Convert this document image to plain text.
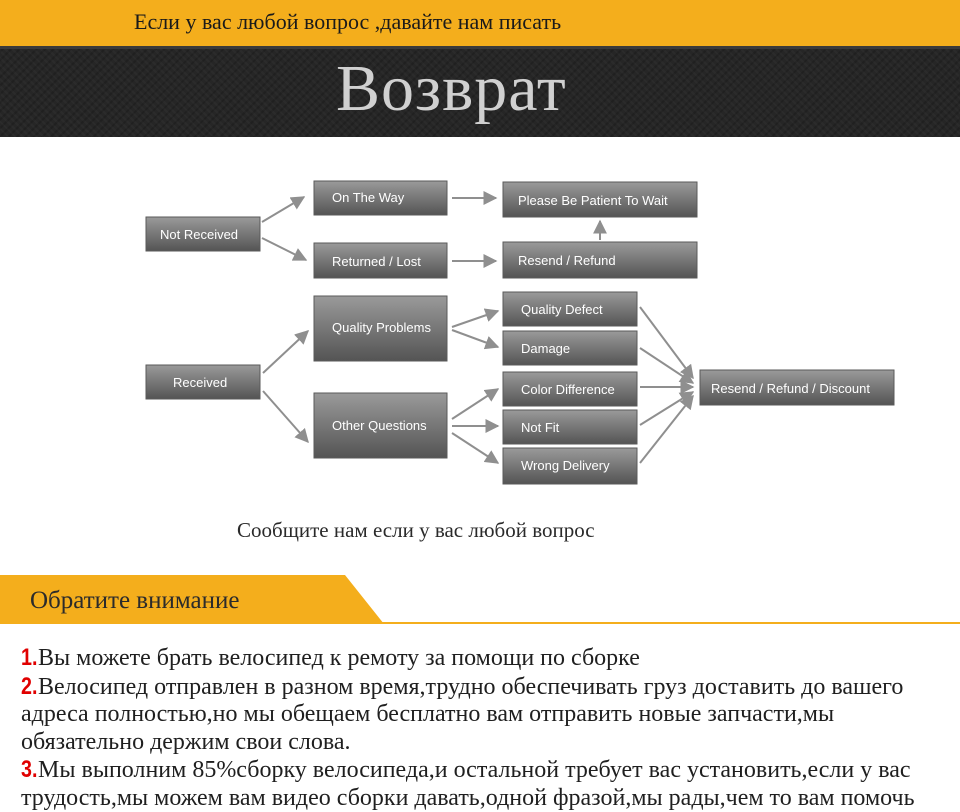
Если у вас любой вопрос ,давайте нам писать
Возврат
Not Received
On The Way
Returned / Lost
Please Be Patient To Wait
Resend / Refund
Received
Quality Problems
Other Questions
Quality Defect
Damage
Color Difference
Not Fit
Wrong Delivery
Resend / Refund / Discount
Сообщите нам если у вас любой вопрос
Обратите внимание

1.Вы можете брать велосипед к ремоту за помощи по сборке

2.Велосипед отправлен в разном время,трудно обеспечивать груз доставить до вашего адреса полностью,но мы обещаем бесплатно вам отправить новые запчасти,мы обязательно держим свои слова.

3.Мы выполним 85%сборку велосипеда,и остальной требует вас установить,если у вас трудость,мы можем вам видео сборки давать,одной фразой,мы рады,чем то вам помочь
